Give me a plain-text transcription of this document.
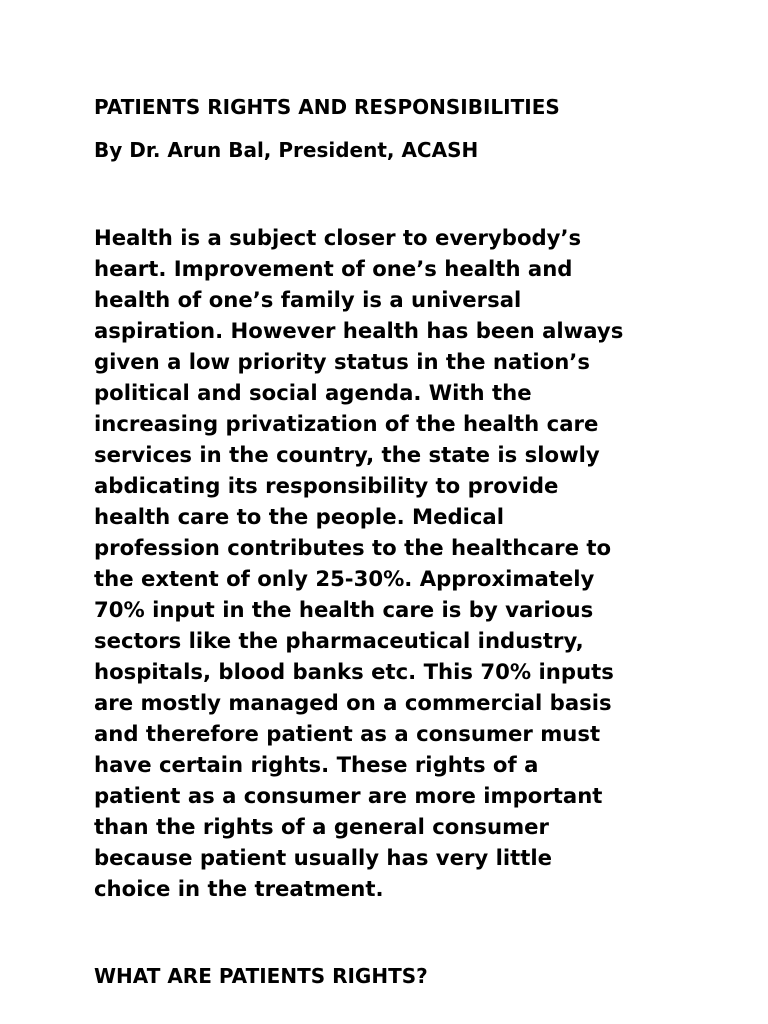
PATIENTS RIGHTS AND RESPONSIBILITIES
By Dr. Arun Bal, President, ACASH

Health is a subject closer to everybody’s
heart. Improvement of one’s health and
health of one’s family is a universal
aspiration. However health has been always
given a low priority status in the nation’s
political and social agenda. With the
increasing privatization of the health care
services in the country, the state is slowly
abdicating its responsibility to provide
health care to the people. Medical
profession contributes to the healthcare to
the extent of only 25-30%. Approximately
70% input in the health care is by various
sectors like the pharmaceutical industry,
hospitals, blood banks etc. This 70% inputs
are mostly managed on a commercial basis
and therefore patient as a consumer must
have certain rights. These rights of a
patient as a consumer are more important
than the rights of a general consumer
because patient usually has very little
choice in the treatment.

WHAT ARE PATIENTS RIGHTS?
